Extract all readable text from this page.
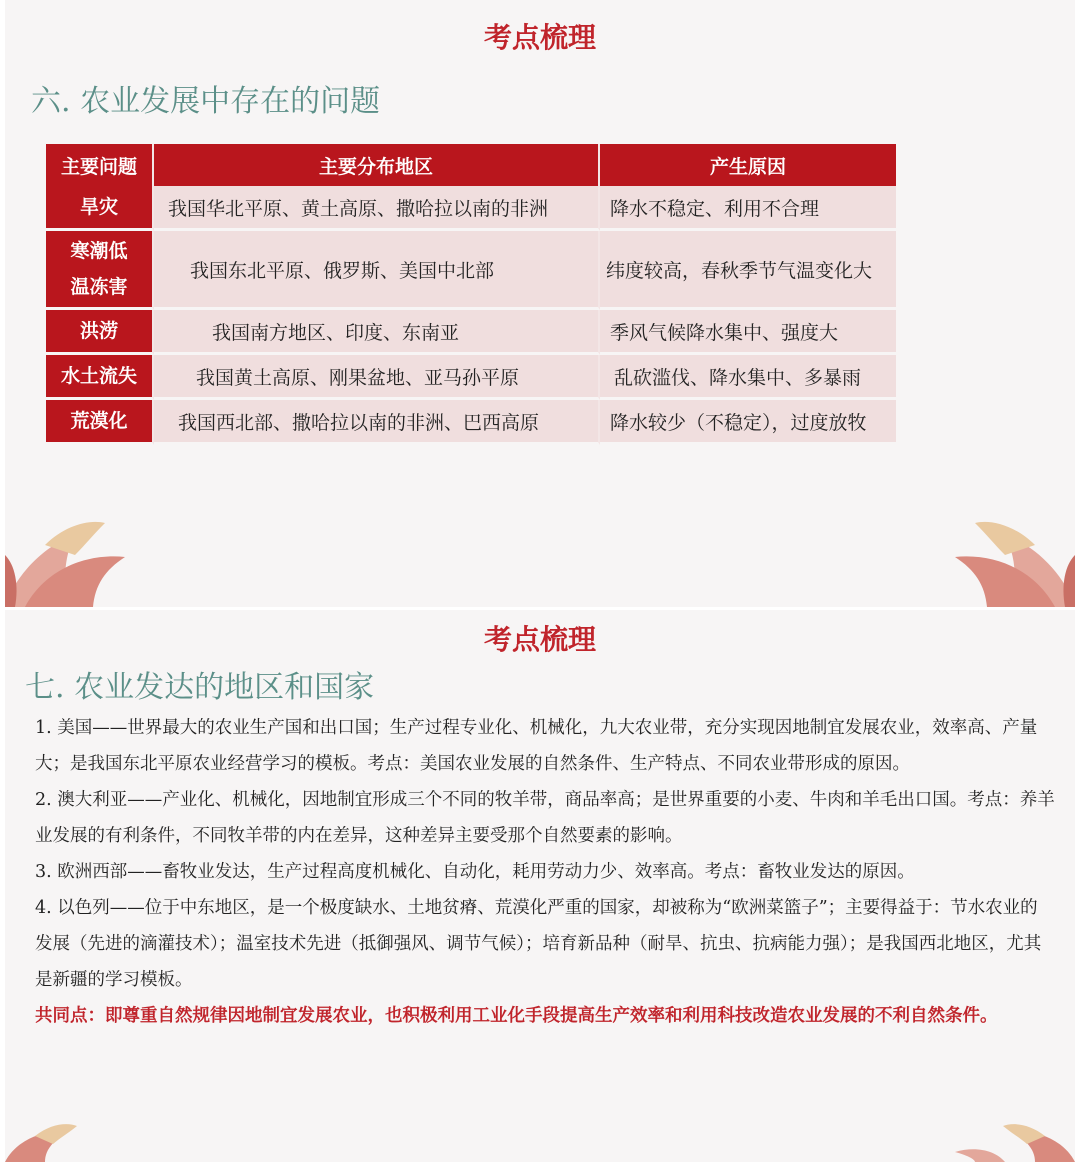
考点梳理
六. 农业发展中存在的问题
主要问题	主要分布地区	产生原因
旱灾	我国华北平原、黄土高原、撒哈拉以南的非洲	降水不稳定、利用不合理
寒潮低温冻害	我国东北平原、俄罗斯、美国中北部	纬度较高，春秋季节气温变化大
洪涝	我国南方地区、印度、东南亚	季风气候降水集中、强度大
水土流失	我国黄土高原、刚果盆地、亚马孙平原	乱砍滥伐、降水集中、多暴雨
荒漠化	我国西北部、撒哈拉以南的非洲、巴西高原	降水较少（不稳定），过度放牧
考点梳理
七. 农业发达的地区和国家

1. 美国——世界最大的农业生产国和出口国；生产过程专业化、机械化，九大农业带，充分实现因地制宜发展农业，效率高、产量大；是我国东北平原农业经营学习的模板。考点：美国农业发展的自然条件、生产特点、不同农业带形成的原因。

2. 澳大利亚——产业化、机械化，因地制宜形成三个不同的牧羊带，商品率高；是世界重要的小麦、牛肉和羊毛出口国。考点：养羊业发展的有利条件，不同牧羊带的内在差异，这种差异主要受那个自然要素的影响。

3. 欧洲西部——畜牧业发达，生产过程高度机械化、自动化，耗用劳动力少、效率高。考点：畜牧业发达的原因。

4. 以色列——位于中东地区，是一个极度缺水、土地贫瘠、荒漠化严重的国家，却被称为“欧洲菜篮子”；主要得益于：节水农业的发展（先进的滴灌技术）；温室技术先进（抵御强风、调节气候）；培育新品种（耐旱、抗虫、抗病能力强）；是我国西北地区，尤其是新疆的学习模板。

共同点：即尊重自然规律因地制宜发展农业，也积极利用工业化手段提高生产效率和利用科技改造农业发展的不利自然条件。
